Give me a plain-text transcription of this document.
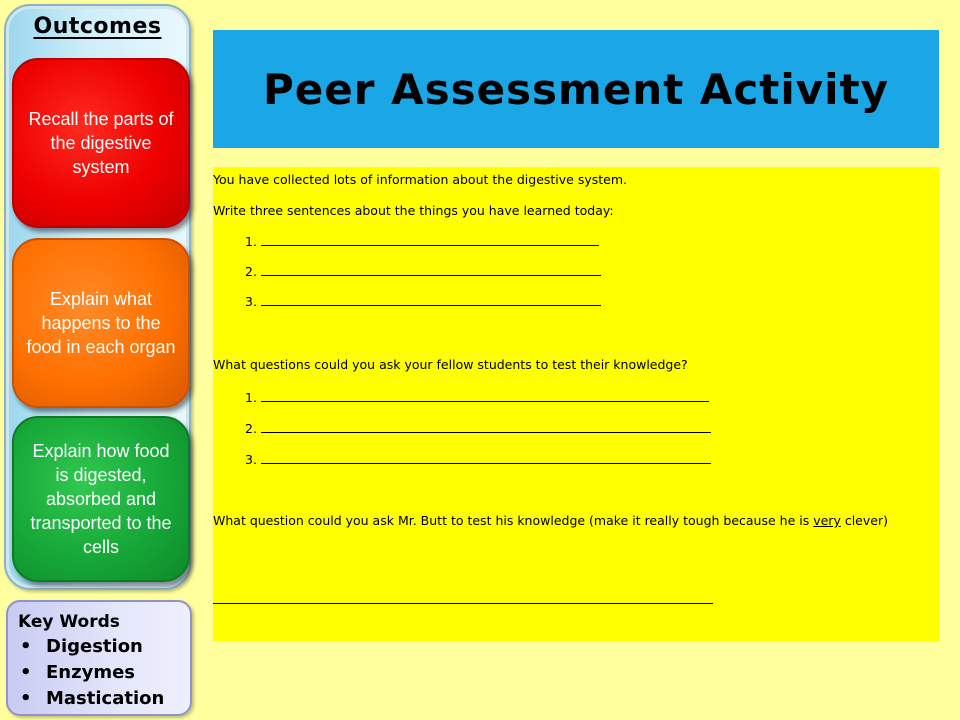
Outcomes
Recall the parts of the digestive system
Explain what happens to the food in each organ
Explain how food is digested, absorbed and transported to the cells
Key Words
• Digestion
• Enzymes
• Mastication
Peer Assessment Activity
You have collected lots of information about the digestive system.
Write three sentences about the things you have learned today:
1.
2.
3.
What questions could you ask your fellow students to test their knowledge?
1.
2.
3.
What question could you ask Mr. Butt to test his knowledge (make it really tough because he is very clever)
